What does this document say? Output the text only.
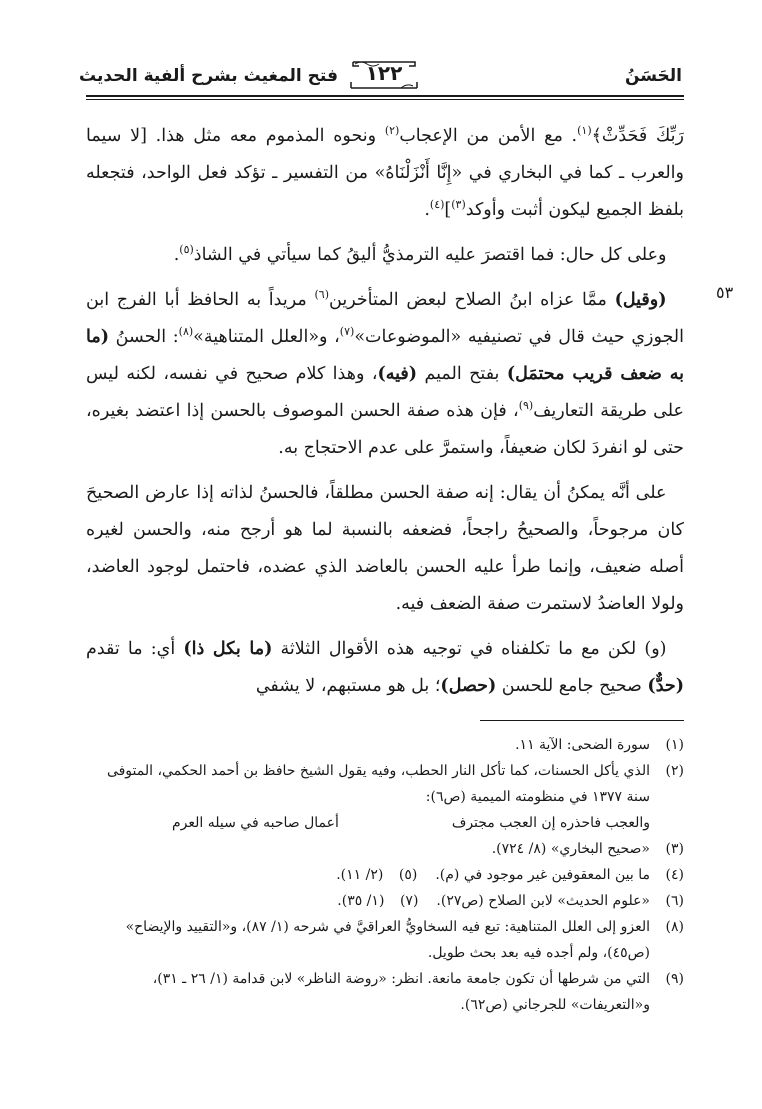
فتح المغيث بشرح ألفية الحديث	١٢٢	الحَسَنُ
٥٣

رَبِّكَ فَحَدِّثْ﴾$^{(١)}$. مع الأمن من الإعجاب$^{(٢)}$ ونحوه المذموم معه مثل هذا. [لا سيما والعرب ـ كما في البخاري في «إِنَّا أَنْزَلْنَاهُ» من التفسير ـ تؤكد فعل الواحد، فتجعله بلفظ الجميع ليكون أثبت وأوكد$^{(٣)}$]$^{(٤)}$.

 وعلى كل حال: فما اقتصرَ عليه الترمذيُّ أليقُ كما سيأتي في الشاذ$^{(٥)}$.

 (وقيل) ممَّا عزاه ابنُ الصلاح لبعض المتأخرين$^{(٦)}$ مريداً به الحافظ أبا الفرج ابن الجوزي حيث قال في تصنيفيه «الموضوعات»$^{(٧)}$، و«العلل المتناهية»$^{(٨)}$: الحسنُ (ما به ضعف قريب محتمَل) بفتح الميم (فيه)، وهذا كلام صحيح في نفسه، لكنه ليس على طريقة التعاريف$^{(٩)}$، فإن هذه صفة الحسن الموصوف بالحسن إذا اعتضد بغيره، حتى لو انفردَ لكان ضعيفاً، واستمرَّ على عدم الاحتجاج به.

 على أنَّه يمكنُ أن يقال: إنه صفة الحسن مطلقاً، فالحسنُ لذاته إذا عارض الصحيحَ كان مرجوحاً، والصحيحُ راجحاً، فضعفه بالنسبة لما هو أرجح منه، والحسن لغيره أصله ضعيف، وإنما طرأ عليه الحسن بالعاضد الذي عضده، فاحتمل لوجود العاضد، ولولا العاضدُ لاستمرت صفة الضعف فيه.

 (و) لكن مع ما تكلفناه في توجيه هذه الأقوال الثلاثة (ما بكل ذا) أي: ما تقدم (حدٌّ) صحيح جامع للحسن (حصل)؛ بل هو مستبهم، لا يشفي

(١)
سورة الضحى: الآية ١١.
(٢)
الذي يأكل الحسنات، كما تأكل النار الحطب، وفيه يقول الشيخ حافظ بن أحمد الحكمي، المتوفى سنة ١٣٧٧ في منظومته الميمية (ص٦):
والعجب فاحذره إن العجب مجترف
أعمال صاحبه في سيله العرم
(٣)
«صحيح البخاري» (٨/ ٧٢٤).
(٤)
ما بين المعقوفين غير موجود في (م).
(٥)
(٢/ ١١).
(٦)
«علوم الحديث» لابن الصلاح (ص٢٧).
(٧)
(١/ ٣٥).
(٨)
العزو إلى العلل المتناهية: تبع فيه السخاويُّ العراقيَّ في شرحه (١/ ٨٧)، و«التقييد والإيضاح» (ص٤٥)، ولم أجده فيه بعد بحث طويل.
(٩)
التي من شرطها أن تكون جامعة مانعة. انظر: «روضة الناظر» لابن قدامة (١/ ٢٦ ـ ٣١)، و«التعريفات» للجرجاني (ص٦٢).
